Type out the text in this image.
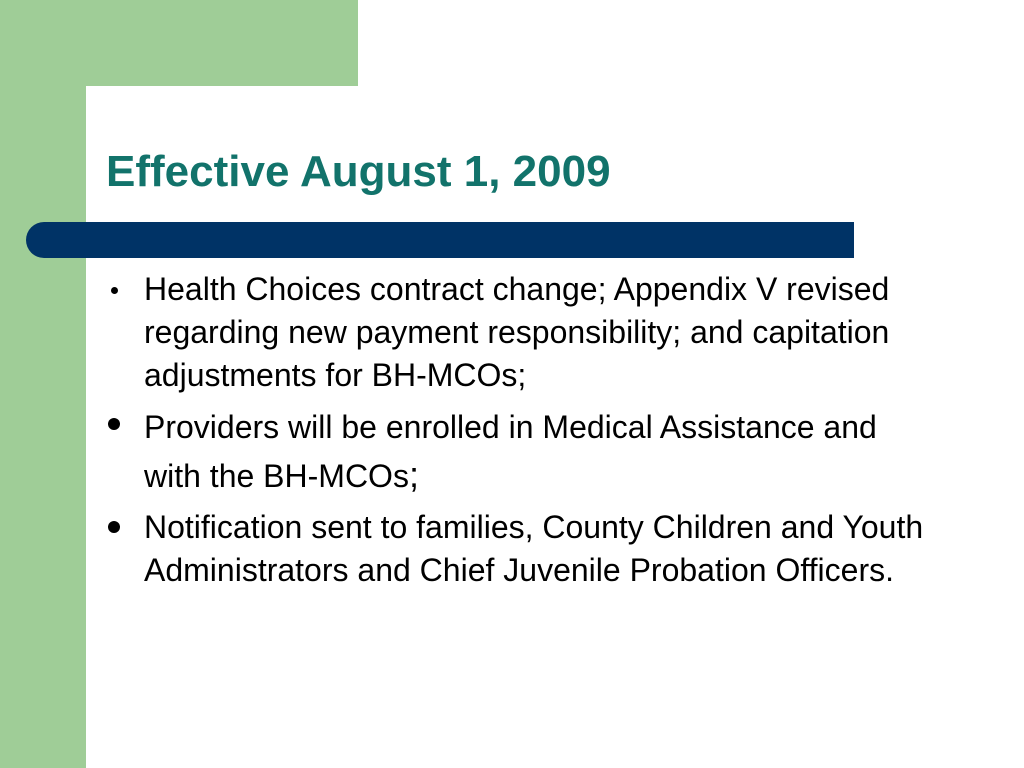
Effective August 1, 2009
Health Choices contract change; Appendix V revised regarding new payment responsibility; and capitation adjustments for BH-MCOs;
Providers will be enrolled in Medical Assistance and with the BH-MCOs;
Notification sent to families, County Children and Youth Administrators and Chief Juvenile Probation Officers.
